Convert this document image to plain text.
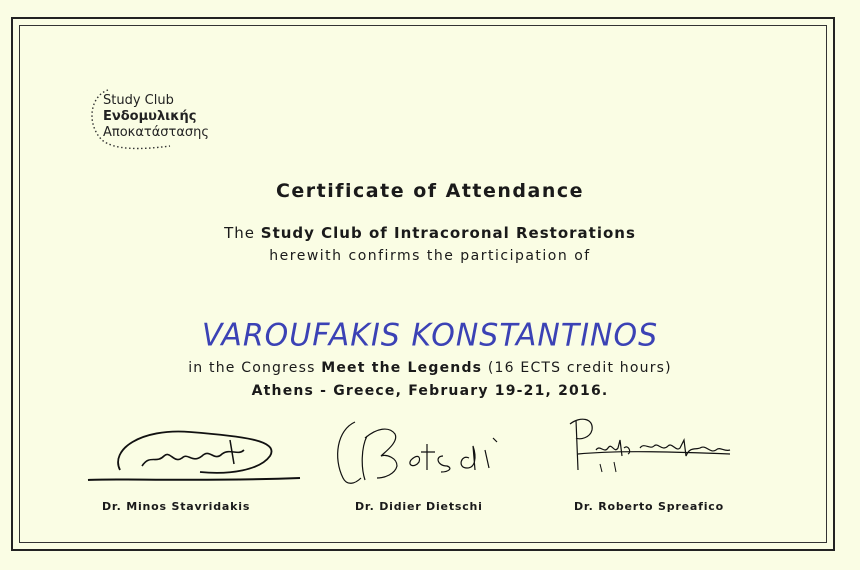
Study Club
Ενδομυλικής
Αποκατάστασης
Certificate of Attendance
The Study Club of Intracoronal Restorations
herewith confirms the participation of
VAROUFAKIS KONSTANTINOS
in the Congress Meet the Legends (16 ECTS credit hours)
Athens - Greece, February 19-21, 2016.
Dr. Minos Stavridakis	Dr. Didier Dietschi	Dr. Roberto Spreafico
